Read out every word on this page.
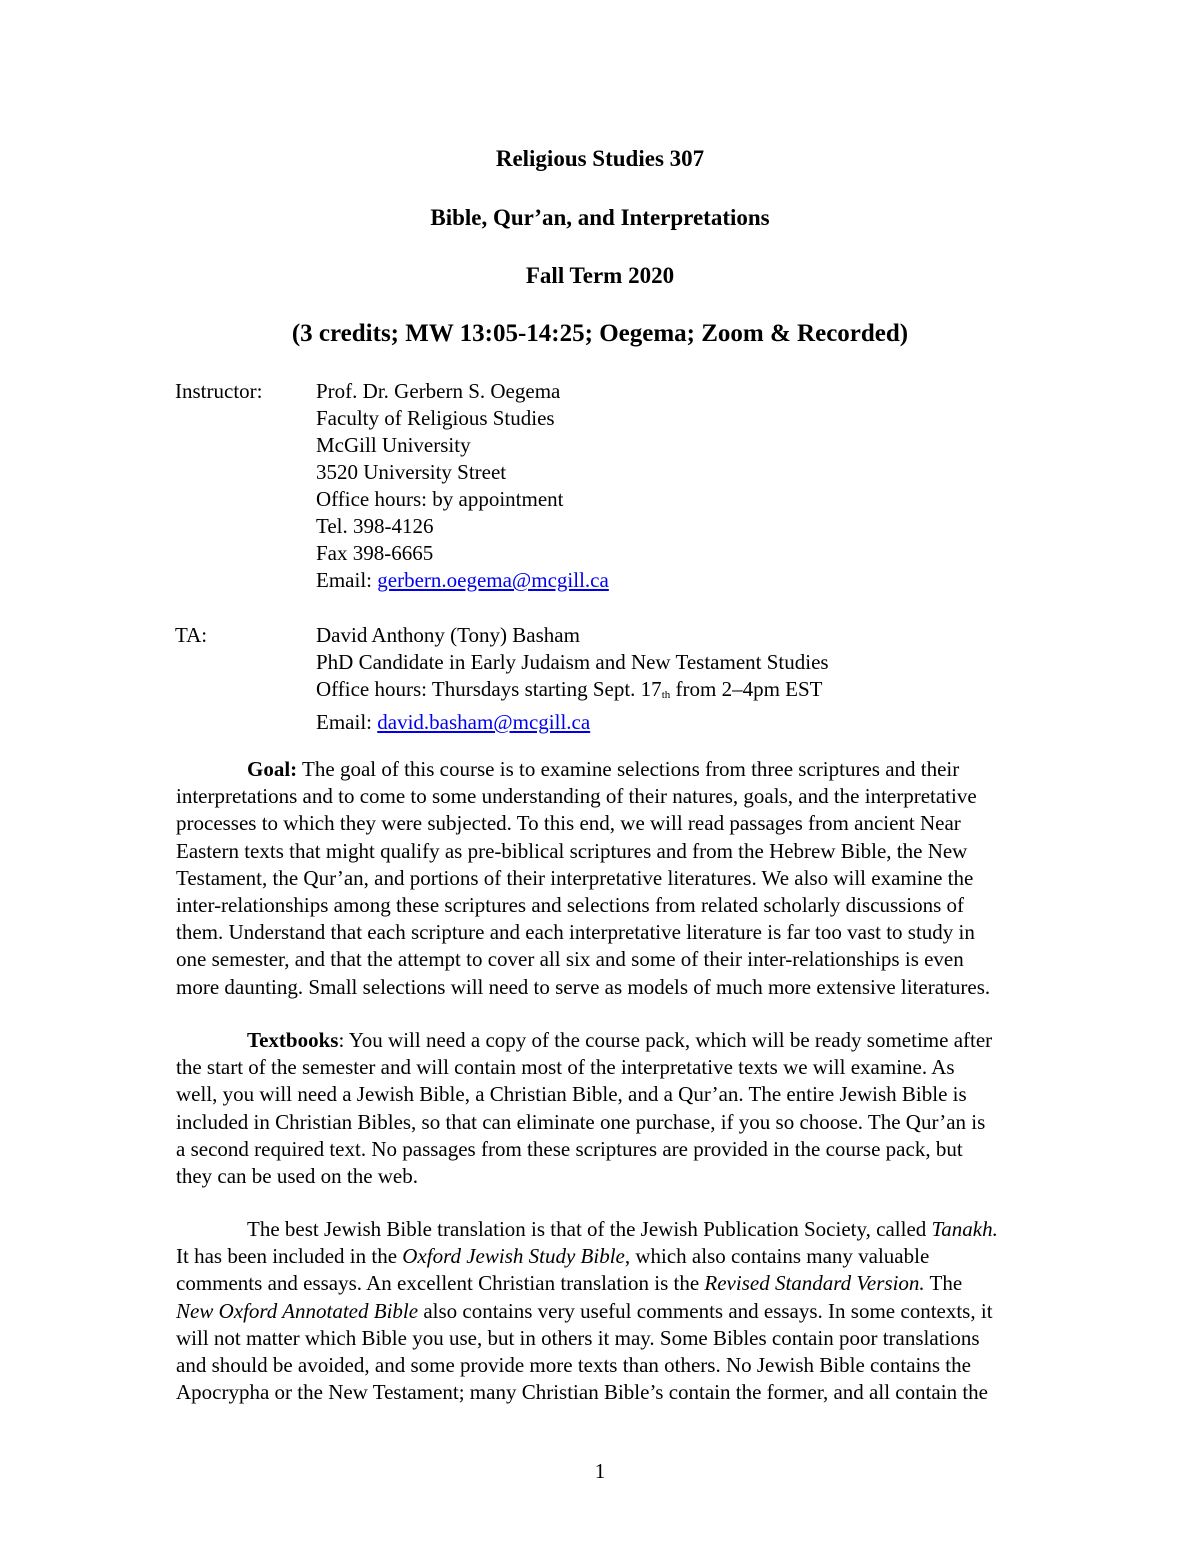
Religious Studies 307
Bible, Qur’an, and Interpretations
Fall Term 2020
(3 credits; MW 13:05-14:25; Oegema; Zoom & Recorded)
Instructor:	Prof. Dr. Gerbern S. Oegema
Faculty of Religious Studies
McGill University
3520 University Street
Office hours: by appointment
Tel. 398-4126
Fax 398-6665
Email: gerbern.oegema@mcgill.ca
TA:	David Anthony (Tony) Basham
PhD Candidate in Early Judaism and New Testament Studies
Office hours: Thursdays starting Sept. $17_{th}$ from 2–4pm EST
Email: david.basham@mcgill.ca
Goal: The goal of this course is to examine selections from three scriptures and their
interpretations and to come to some understanding of their natures, goals, and the interpretative
processes to which they were subjected. To this end, we will read passages from ancient Near
Eastern texts that might qualify as pre-biblical scriptures and from the Hebrew Bible, the New
Testament, the Qur’an, and portions of their interpretative literatures. We also will examine the
inter-relationships among these scriptures and selections from related scholarly discussions of
them. Understand that each scripture and each interpretative literature is far too vast to study in
one semester, and that the attempt to cover all six and some of their inter-relationships is even
more daunting. Small selections will need to serve as models of much more extensive literatures.
Textbooks: You will need a copy of the course pack, which will be ready sometime after
the start of the semester and will contain most of the interpretative texts we will examine. As
well, you will need a Jewish Bible, a Christian Bible, and a Qur’an. The entire Jewish Bible is
included in Christian Bibles, so that can eliminate one purchase, if you so choose. The Qur’an is
a second required text. No passages from these scriptures are provided in the course pack, but
they can be used on the web.
The best Jewish Bible translation is that of the Jewish Publication Society, called Tanakh.
It has been included in the Oxford Jewish Study Bible, which also contains many valuable
comments and essays. An excellent Christian translation is the Revised Standard Version. The
New Oxford Annotated Bible also contains very useful comments and essays. In some contexts, it
will not matter which Bible you use, but in others it may. Some Bibles contain poor translations
and should be avoided, and some provide more texts than others. No Jewish Bible contains the
Apocrypha or the New Testament; many Christian Bible’s contain the former, and all contain the
1
